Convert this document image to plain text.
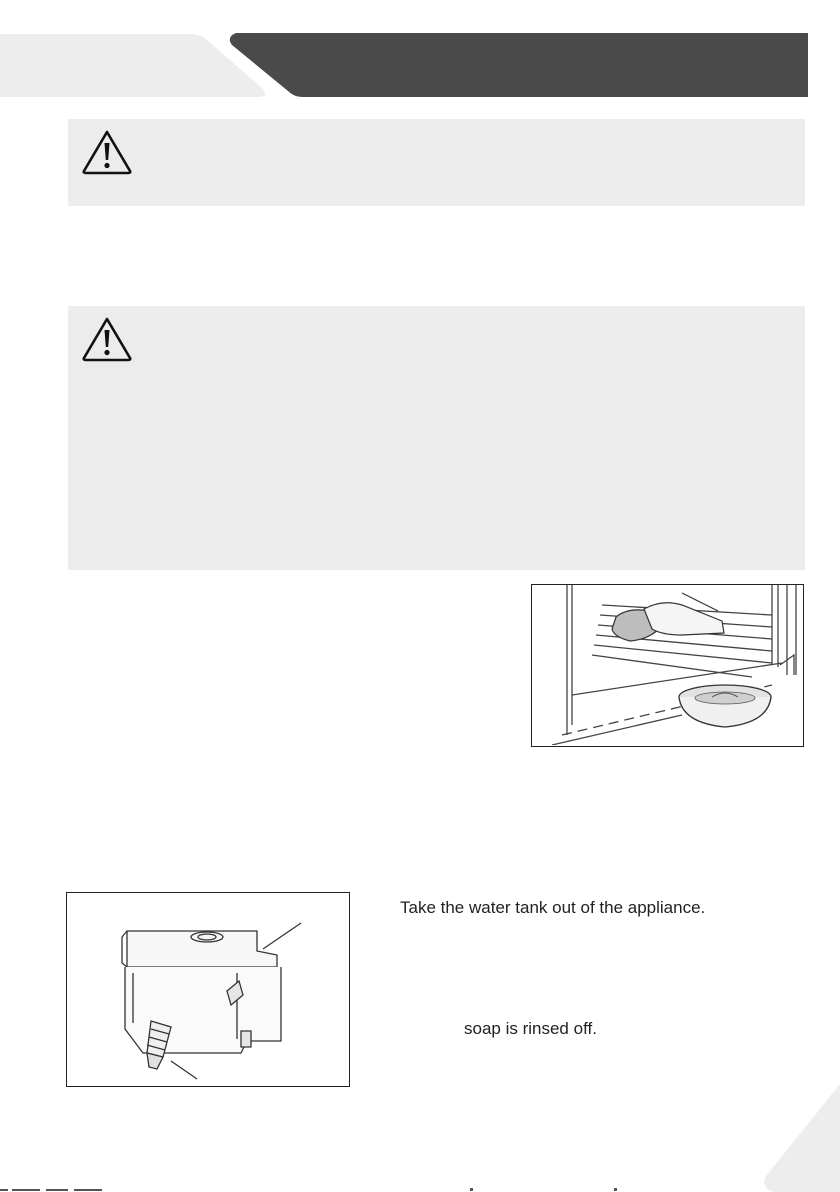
Take the water tank out of the appliance.

soap is rinsed off.
